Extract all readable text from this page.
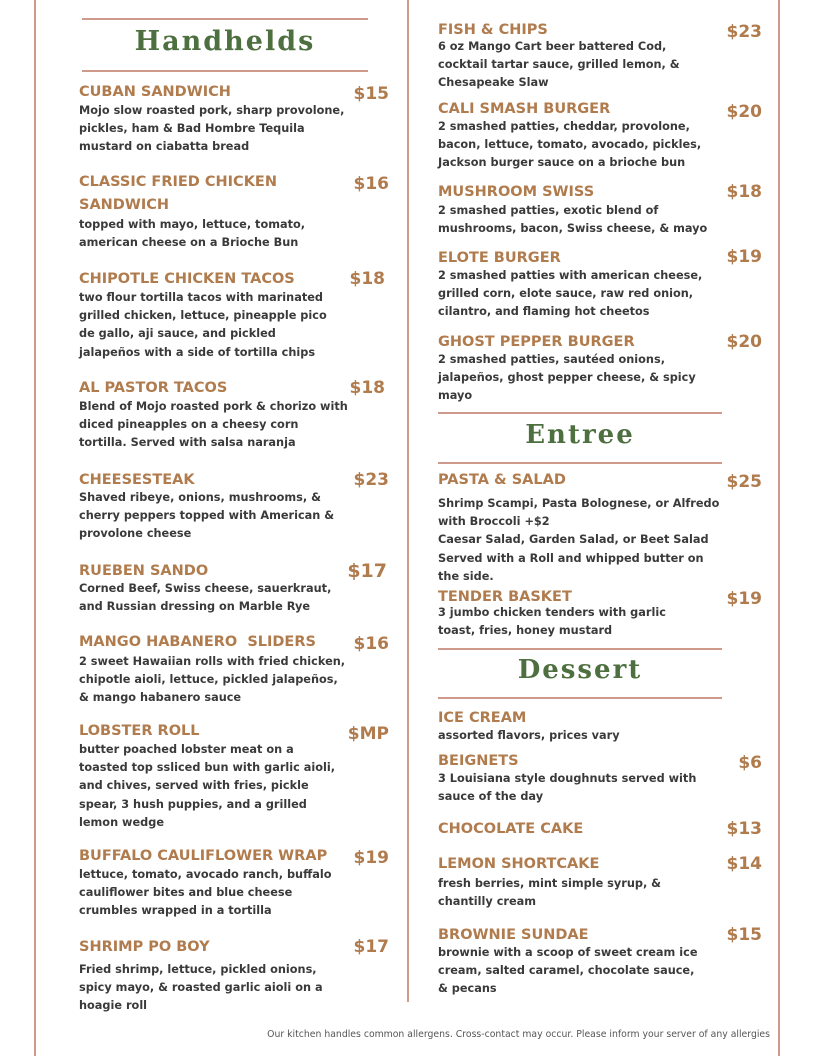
Handhelds
CUBAN SANDWICH	$15
Mojo slow roasted pork, sharp provolone,
pickles, ham & Bad Hombre Tequila
mustard on ciabatta bread
CLASSIC FRIED CHICKEN
SANDWICH
$16
topped with mayo, lettuce, tomato,
american cheese on a Brioche Bun
CHIPOTLE CHICKEN TACOS	$18
two flour tortilla tacos with marinated
grilled chicken, lettuce, pineapple pico
de gallo, aji sauce, and pickled
jalapeños with a side of tortilla chips
AL PASTOR TACOS	$18
Blend of Mojo roasted pork & chorizo with
diced pineapples on a cheesy corn
tortilla. Served with salsa naranja
CHEESESTEAK	$23
Shaved ribeye, onions, mushrooms, &
cherry peppers topped with American &
provolone cheese
RUEBEN SANDO	$17
Corned Beef, Swiss cheese, sauerkraut,
and Russian dressing on Marble Rye
MANGO HABANERO  SLIDERS $16
2 sweet Hawaiian rolls with fried chicken,
chipotle aioli, lettuce, pickled jalapeños,
& mango habanero sauce
LOBSTER ROLL	$MP
butter poached lobster meat on a
toasted top ssliced bun with garlic aioli,
and chives, served with fries, pickle
spear, 3 hush puppies, and a grilled
lemon wedge
BUFFALO CAULIFLOWER WRAP $19
lettuce, tomato, avocado ranch, buffalo
cauliflower bites and blue cheese
crumbles wrapped in a tortilla
SHRIMP PO BOY	$17
Fried shrimp, lettuce, pickled onions,
spicy mayo, & roasted garlic aioli on a
hoagie roll
FISH & CHIPS	$23
6 oz Mango Cart beer battered Cod,
cocktail tartar sauce, grilled lemon, &
Chesapeake Slaw
CALI SMASH BURGER	$20
2 smashed patties, cheddar, provolone,
bacon, lettuce, tomato, avocado, pickles,
Jackson burger sauce on a brioche bun
MUSHROOM SWISS	$18
2 smashed patties, exotic blend of
mushrooms, bacon, Swiss cheese, & mayo
ELOTE BURGER	$19
2 smashed patties with american cheese,
grilled corn, elote sauce, raw red onion,
cilantro, and flaming hot cheetos
GHOST PEPPER BURGER	$20
2 smashed patties, sautéed onions,
jalapeños, ghost pepper cheese, & spicy
mayo
Entree
PASTA & SALAD	$25
Shrimp Scampi, Pasta Bolognese, or Alfredo
with Broccoli +$2
Caesar Salad, Garden Salad, or Beet Salad
Served with a Roll and whipped butter on
the side.
TENDER BASKET	$19
3 jumbo chicken tenders with garlic
toast, fries, honey mustard
Dessert
ICE CREAM
assorted flavors, prices vary
BEIGNETS	$6
3 Louisiana style doughnuts served with
sauce of the day
CHOCOLATE CAKE	$13
LEMON SHORTCAKE	$14
fresh berries, mint simple syrup, &
chantilly cream
BROWNIE SUNDAE	$15
brownie with a scoop of sweet cream ice
cream, salted caramel, chocolate sauce,
& pecans
Our kitchen handles common allergens. Cross-contact may occur. Please inform your server of any allergies
